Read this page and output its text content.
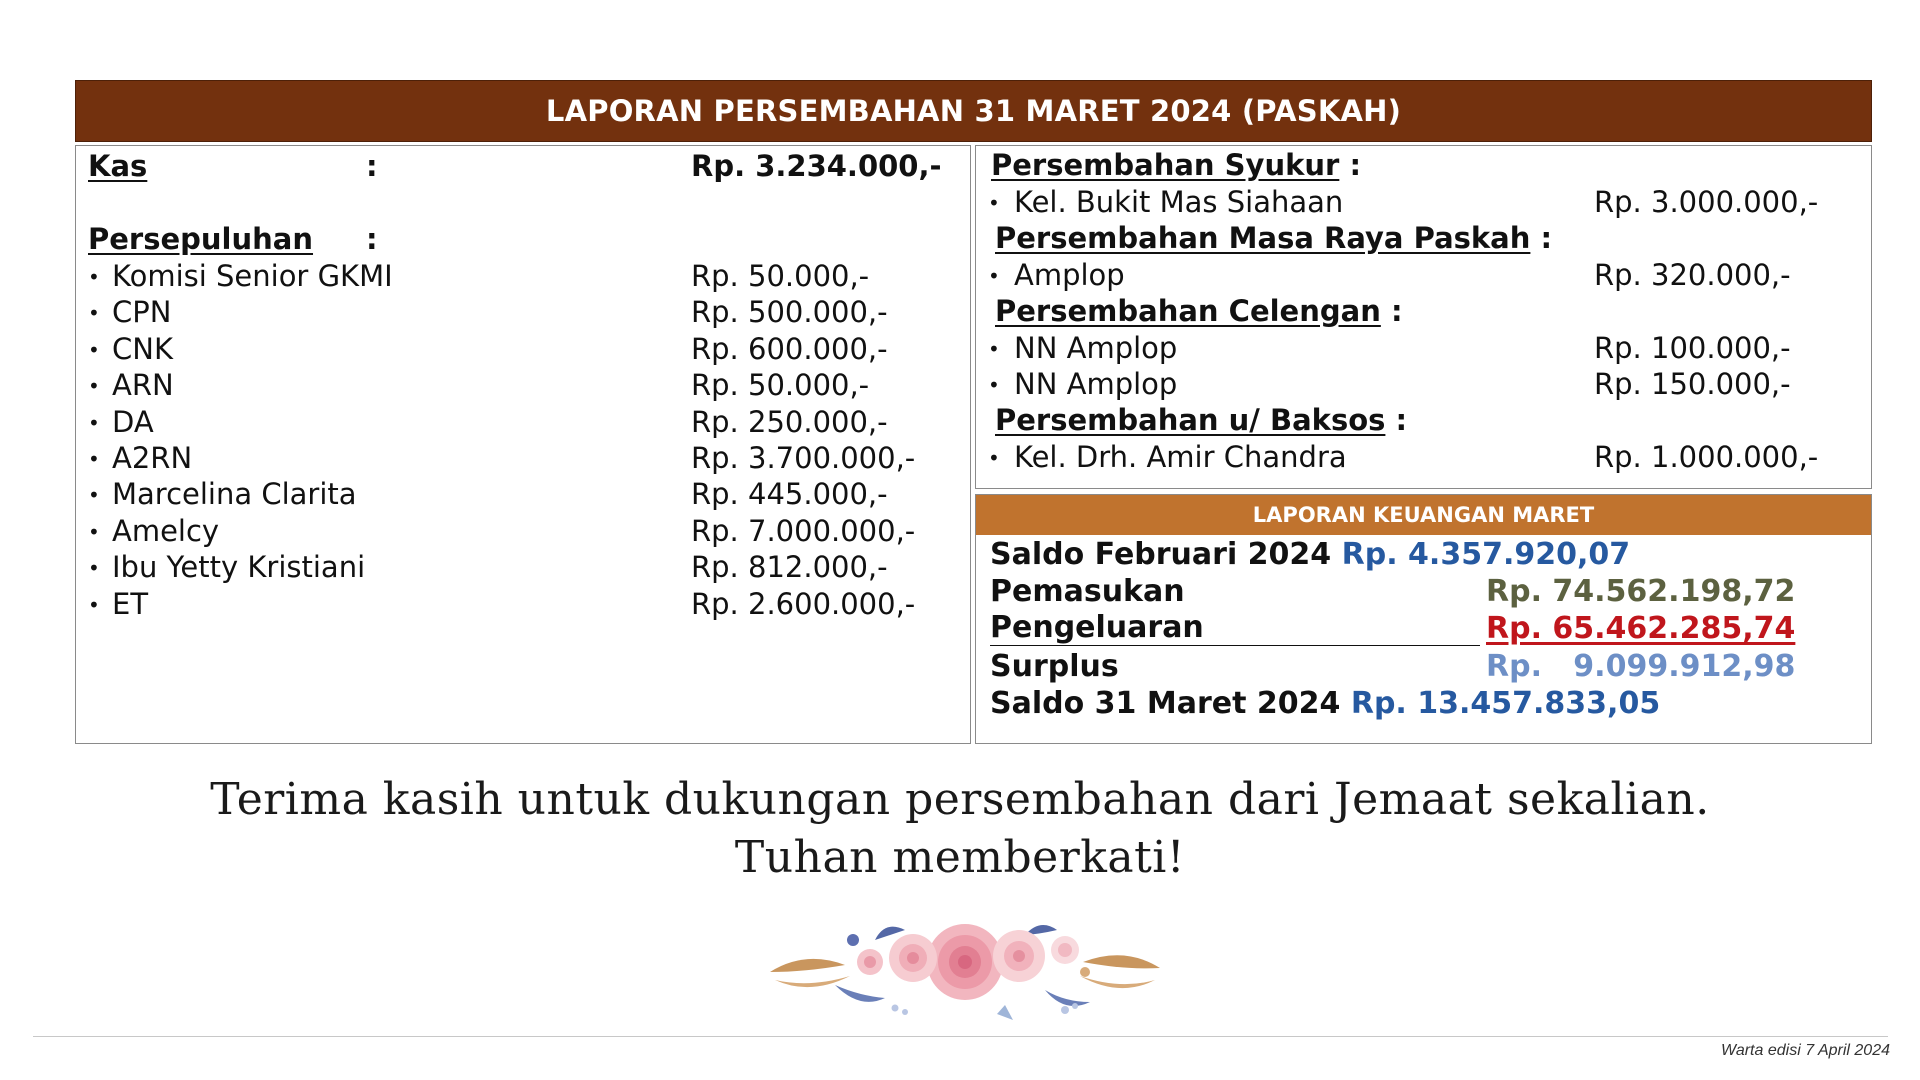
LAPORAN PERSEMBAHAN 31 MARET 2024 (PASKAH)
Kas	:	Rp. 3.234.000,-
Persepuluhan :
• Komisi Senior GKMI	Rp. 50.000,-
• CPN	Rp. 500.000,-
• CNK	Rp. 600.000,-
• ARN	Rp. 50.000,-
• DA	Rp. 250.000,-
• A2RN	Rp. 3.700.000,-
• Marcelina Clarita	Rp. 445.000,-
• Amelcy	Rp. 7.000.000,-
• Ibu Yetty Kristiani	Rp. 812.000,-
• ET	Rp. 2.600.000,-
Persembahan Syukur :
• Kel. Bukit Mas Siahaan	Rp. 3.000.000,-
Persembahan Masa Raya Paskah :
• Amplop	Rp. 320.000,-
Persembahan Celengan :
• NN Amplop	Rp. 100.000,-
• NN Amplop	Rp. 150.000,-
Persembahan u/ Baksos :
• Kel. Drh. Amir Chandra	Rp. 1.000.000,-
LAPORAN KEUANGAN MARET
Saldo Februari 2024 Rp. 4.357.920,07
Pemasukan	Rp. 74.562.198,72
Pengeluaran	Rp. 65.462.285,74
Surplus	Rp.   9.099.912,98
Saldo 31 Maret 2024 Rp. 13.457.833,05
Terima kasih untuk dukungan persembahan dari Jemaat sekalian.
Tuhan memberkati!
Warta edisi 7 April 2024
